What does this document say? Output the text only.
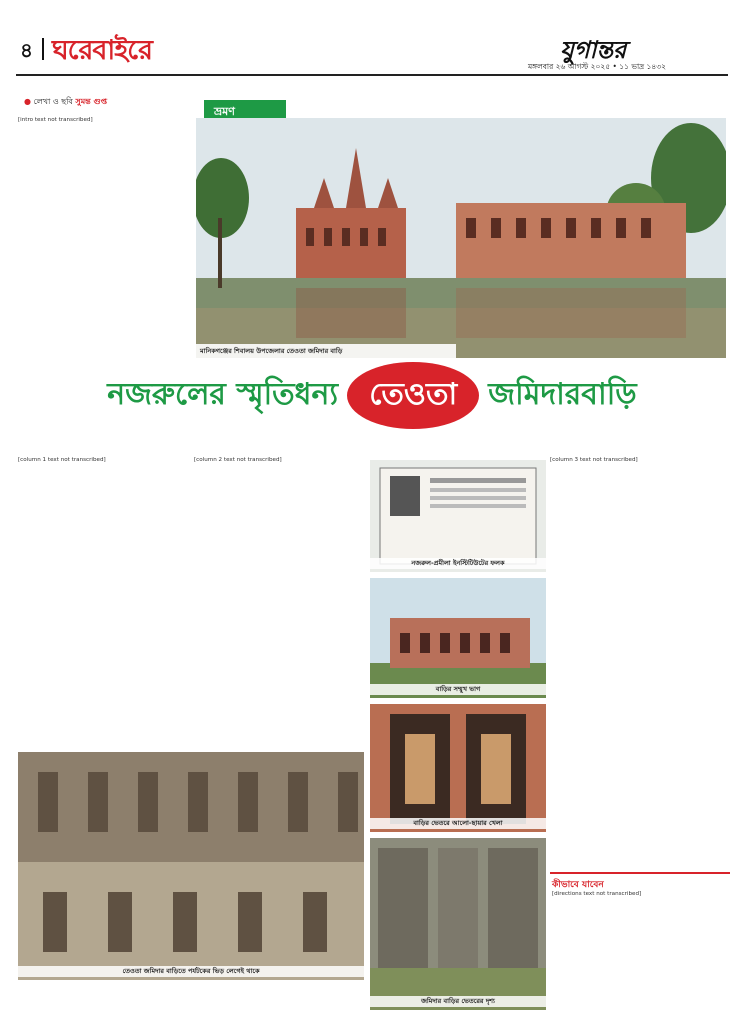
৪ ঘরেবাইরে	যুগান্তর
মঙ্গলবার ২৬ আগস্ট ২০২৫ • ১১ ভাদ্র ১৪৩২
● লেখা ও ছবি সুমন্ত গুপ্ত
[intro text not transcribed]
ভ্রমণ
মানিকগঞ্জের শিবালয় উপজেলার তেওতা জমিদার বাড়ি
নজরুলের স্মৃতিধন্য তেওতা জমিদারবাড়ি
[column 1 text not transcribed]	[column 2 text not transcribed]	[column 3 text not transcribed]
নজরুল-প্রমীলা ইনস্টিটিউটের ফলক
বাড়ির সম্মুখ ভাগ
বাড়ির ভেতরে আলো-ছায়ার খেলা
কীভাবে যাবেন
[directions text not transcribed]
তেওতা জমিদার বাড়িতে পর্যটকের ভিড় লেগেই থাকে
জমিদার বাড়ির ভেতরের দৃশ্য
